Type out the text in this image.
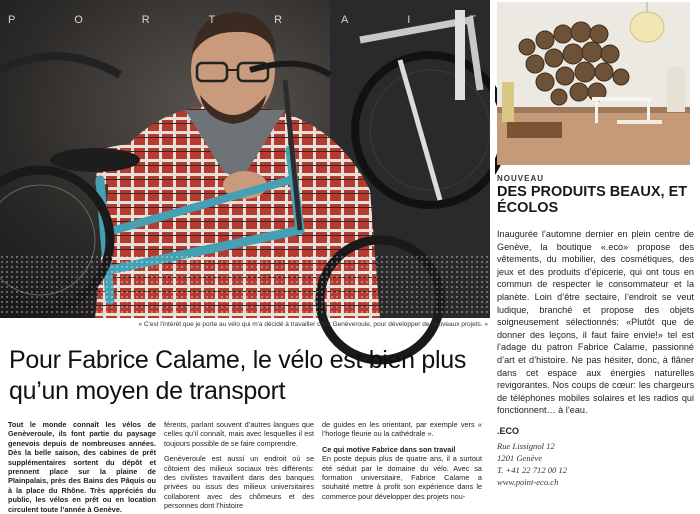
P	O	R	T	R	A	I	T
« C'est l'intérêt que je porte au vélo qui m'a décidé à travailler chez Genèveroule, pour développer de nouveaux projets. »
Pour Fabrice Calame, le vélo est bien plus qu’un moyen de transport

Tout le monde connaît les vélos de Genèveroule, ils font partie du paysage genevois depuis de nombreuses années. Dès la belle saison, des cabines de prêt supplémentaires sortent du dépôt et prennent place sur la plaine de Plainpalais, près des Bains des Pâquis ou à la place du Rhône. Très appréciés du public, les vélos en prêt ou en location circulent toute l’année à Genève.

férents, parlant souvent d’autres langues que celles qu’il connaît, mais avec lesquelles il est toujours possible de se faire comprendre.

Genèveroule est aussi un endroit où se côtoient des milieux sociaux très différents: des civilistes travaillent dans des banques privées ou issus des milieux universitaires collaborent avec des chômeurs et des personnes dont l’histoire

de guides en les orientant, par exemple vers « l’horloge fleurie ou la cathédrale ».

Ce qui motive Fabrice dans son travail

En poste depuis plus de quatre ans, il a surtout été séduit par le domaine du vélo. Avec sa formation universitaire, Fabrice Calame a souhaité mettre à profit son expérience dans le commerce pour développer des projets nou-

NOUVEAU
DES PRODUITS BEAUX, ET ÉCOLOS

Inaugurée l’automne dernier en plein centre de Genève, la boutique «.eco» propose des vêtements, du mobilier, des cosmétiques, des jeux et des produits d’épicerie, qui ont tous en commun de respecter le consommateur et la planète. Loin d’être sectaire, l’endroit se veut ludique, branché et propose des objets soigneusement sélectionnés: «Plutôt que de donner des leçons, il faut faire envie!» tel est l’adage du patron Fabrice Calame, passionné d’art et d’histoire. Ne pas hésiter, donc, à flâner dans cet espace aux énergies naturelles revigorantes. Nos coups de cœur: les chargeurs de téléphones mobiles solaires et les radios qui fonctionnent… à l’eau.

.ECO
Rue Lissignol 12
1201 Genève
T. +41 22 712 00 12
www.point-eco.ch
